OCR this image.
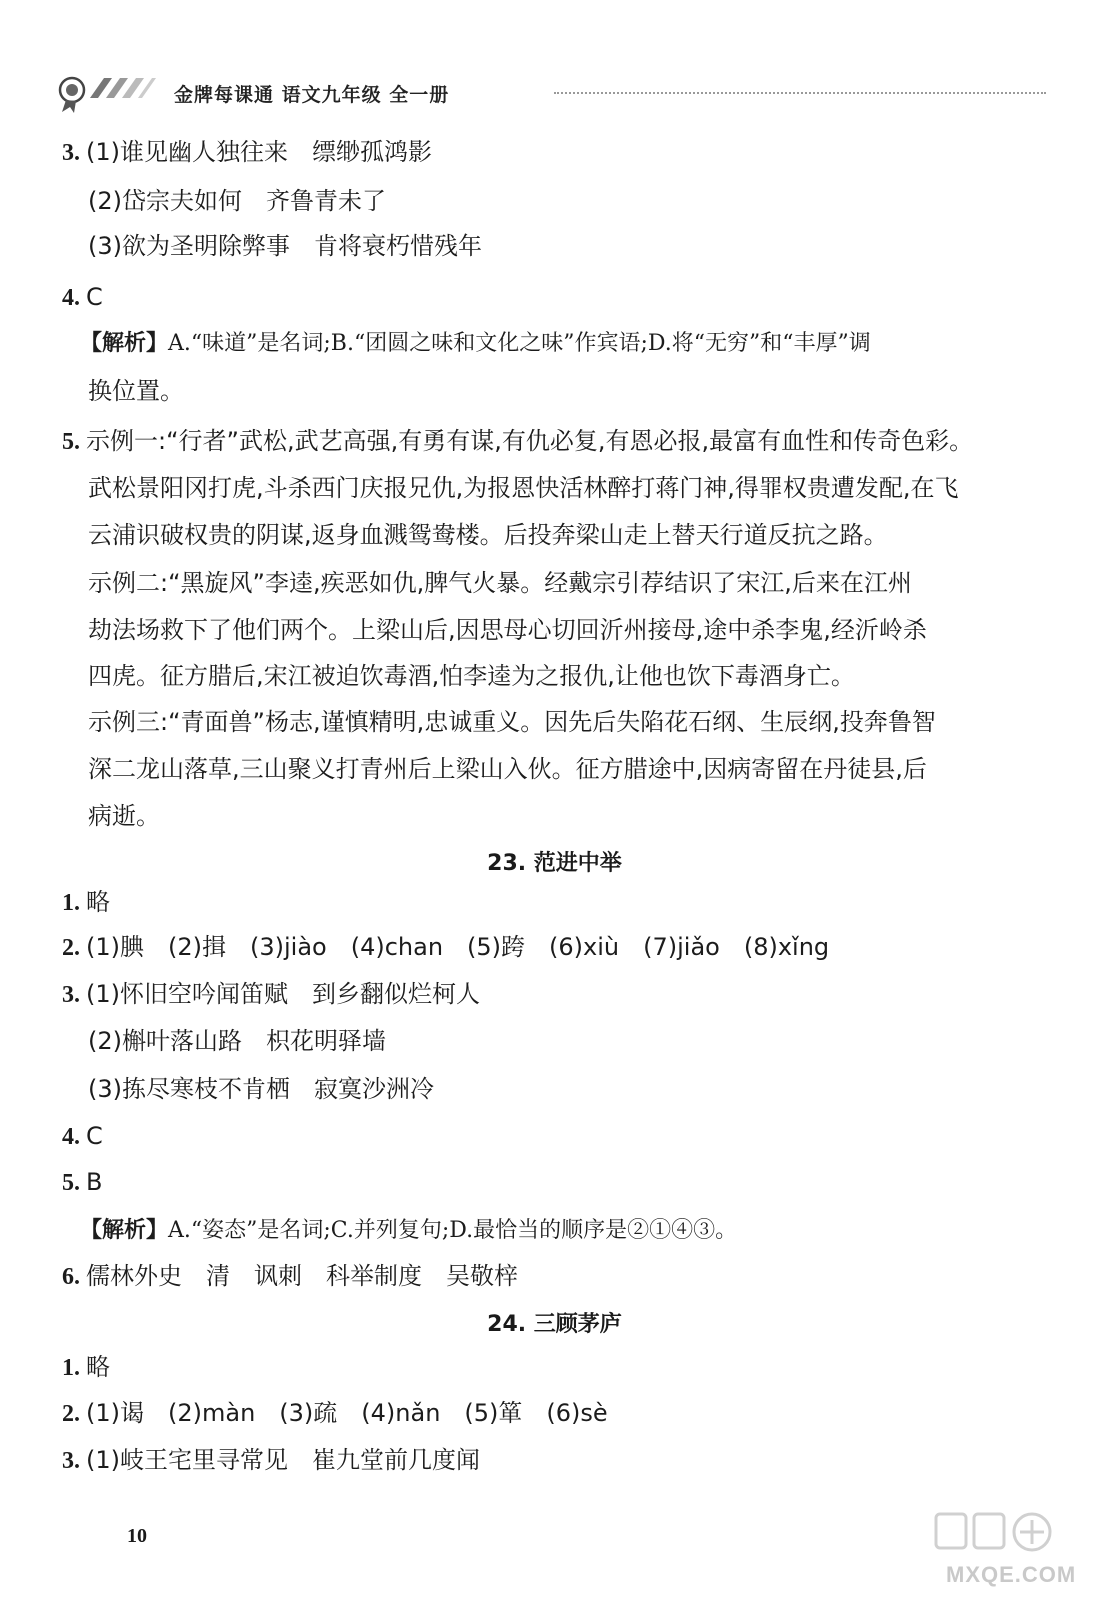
金牌每课通 语文九年级 全一册
3. (1)谁见幽人独往来　缥缈孤鸿影
(2)岱宗夫如何　齐鲁青未了
(3)欲为圣明除弊事　肯将衰朽惜残年
4. C
【解析】A.“味道”是名词;B.“团圆之味和文化之味”作宾语;D.将“无穷”和“丰厚”调
换位置。
5. 示例一:“行者”武松,武艺高强,有勇有谋,有仇必复,有恩必报,最富有血性和传奇色彩。
武松景阳冈打虎,斗杀西门庆报兄仇,为报恩快活林醉打蒋门神,得罪权贵遭发配,在飞
云浦识破权贵的阴谋,返身血溅鸳鸯楼。后投奔梁山走上替天行道反抗之路。
示例二:“黑旋风”李逵,疾恶如仇,脾气火暴。经戴宗引荐结识了宋江,后来在江州
劫法场救下了他们两个。上梁山后,因思母心切回沂州接母,途中杀李鬼,经沂岭杀
四虎。征方腊后,宋江被迫饮毒酒,怕李逵为之报仇,让他也饮下毒酒身亡。
示例三:“青面兽”杨志,谨慎精明,忠诚重义。因先后失陷花石纲、生辰纲,投奔鲁智
深二龙山落草,三山聚义打青州后上梁山入伙。征方腊途中,因病寄留在丹徒县,后
病逝。
23. 范进中举
1. 略
2. (1)腆　(2)揖　(3)jiào　(4)chan　(5)跨　(6)xiù　(7)jiǎo　(8)xǐng
3. (1)怀旧空吟闻笛赋　到乡翻似烂柯人
(2)槲叶落山路　枳花明驿墙
(3)拣尽寒枝不肯栖　寂寞沙洲冷
4. C
5. B
【解析】A.“姿态”是名词;C.并列复句;D.最恰当的顺序是②①④③。
6. 儒林外史　清　讽刺　科举制度　吴敬梓
24. 三顾茅庐
1. 略
2. (1)谒　(2)màn　(3)疏　(4)nǎn　(5)箪　(6)sè
3. (1)岐王宅里寻常见　崔九堂前几度闻
10
MXQE.COM
